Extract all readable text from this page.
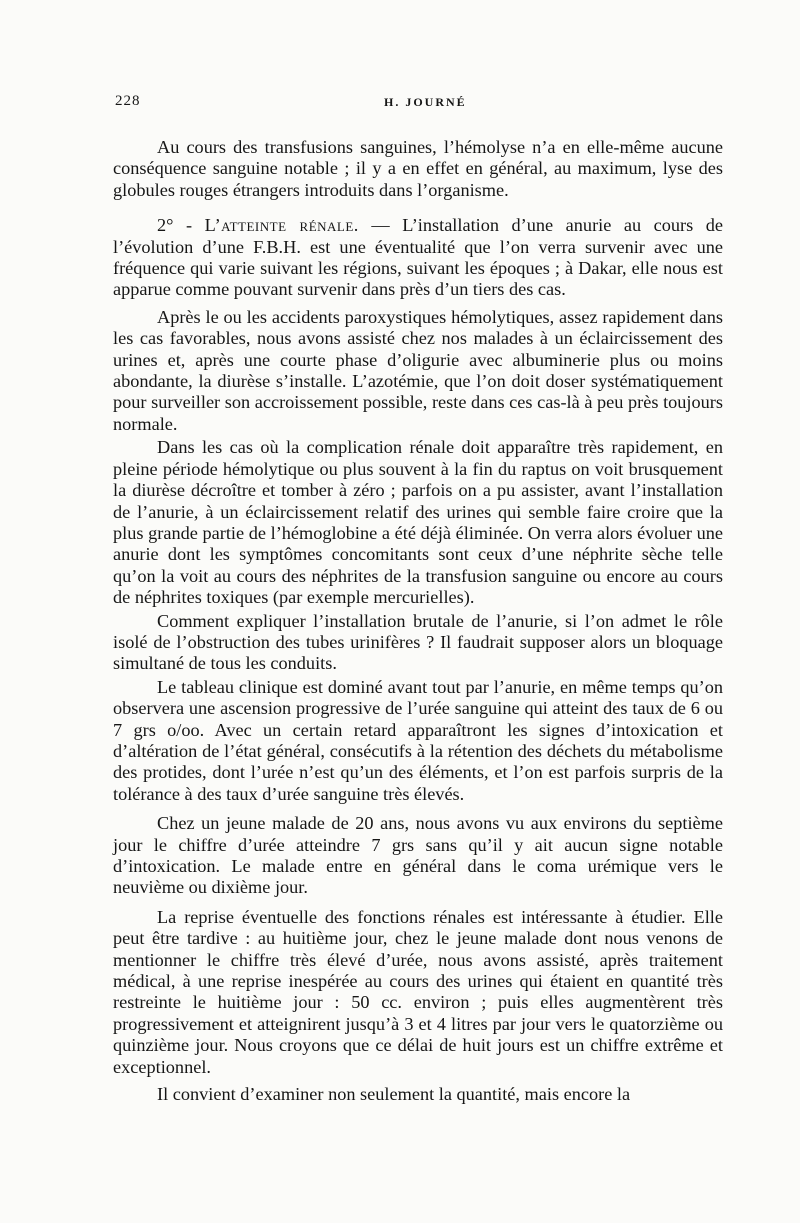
228	H. JOURNÉ

Au cours des transfusions sanguines, l’hémolyse n’a en elle-même aucune conséquence sanguine notable ; il y a en effet en général, au maximum, lyse des globules rouges étrangers introduits dans l’organisme.

2° - L’atteinte rénale. — L’installation d’une anurie au cours de l’évolution d’une F.B.H. est une éventualité que l’on verra survenir avec une fréquence qui varie suivant les régions, suivant les époques ; à Dakar, elle nous est apparue comme pouvant survenir dans près d’un tiers des cas.

Après le ou les accidents paroxystiques hémolytiques, assez rapidement dans les cas favorables, nous avons assisté chez nos malades à un éclaircissement des urines et, après une courte phase d’oligurie avec albuminerie plus ou moins abondante, la diurèse s’installe. L’azotémie, que l’on doit doser systématiquement pour surveiller son accroissement possible, reste dans ces cas-là à peu près toujours normale.

Dans les cas où la complication rénale doit apparaître très rapidement, en pleine période hémolytique ou plus souvent à la fin du raptus on voit brusquement la diurèse décroître et tomber à zéro ; parfois on a pu assister, avant l’installation de l’anurie, à un éclaircissement relatif des urines qui semble faire croire que la plus grande partie de l’hémoglobine a été déjà éliminée. On verra alors évoluer une anurie dont les symptômes concomitants sont ceux d’une néphrite sèche telle qu’on la voit au cours des néphrites de la transfusion sanguine ou encore au cours de néphrites toxiques (par exemple mercurielles).

Comment expliquer l’installation brutale de l’anurie, si l’on admet le rôle isolé de l’obstruction des tubes urinifères ? Il faudrait supposer alors un bloquage simultané de tous les conduits.

Le tableau clinique est dominé avant tout par l’anurie, en même temps qu’on observera une ascension progressive de l’urée sanguine qui atteint des taux de 6 ou 7 grs o/oo. Avec un certain retard apparaîtront les signes d’intoxication et d’altération de l’état général, consécutifs à la rétention des déchets du métabolisme des protides, dont l’urée n’est qu’un des éléments, et l’on est parfois surpris de la tolérance à des taux d’urée sanguine très élevés.

Chez un jeune malade de 20 ans, nous avons vu aux environs du septième jour le chiffre d’urée atteindre 7 grs sans qu’il y ait aucun signe notable d’intoxication. Le malade entre en général dans le coma urémique vers le neuvième ou dixième jour.

La reprise éventuelle des fonctions rénales est intéressante à étudier. Elle peut être tardive : au huitième jour, chez le jeune malade dont nous venons de mentionner le chiffre très élevé d’urée, nous avons assisté, après traitement médical, à une reprise inespérée au cours des urines qui étaient en quantité très restreinte le huitième jour : 50 cc. environ ; puis elles augmentèrent très progressivement et atteignirent jusqu’à 3 et 4 litres par jour vers le quatorzième ou quinzième jour. Nous croyons que ce délai de huit jours est un chiffre extrême et exceptionnel.

Il convient d’examiner non seulement la quantité, mais encore la
